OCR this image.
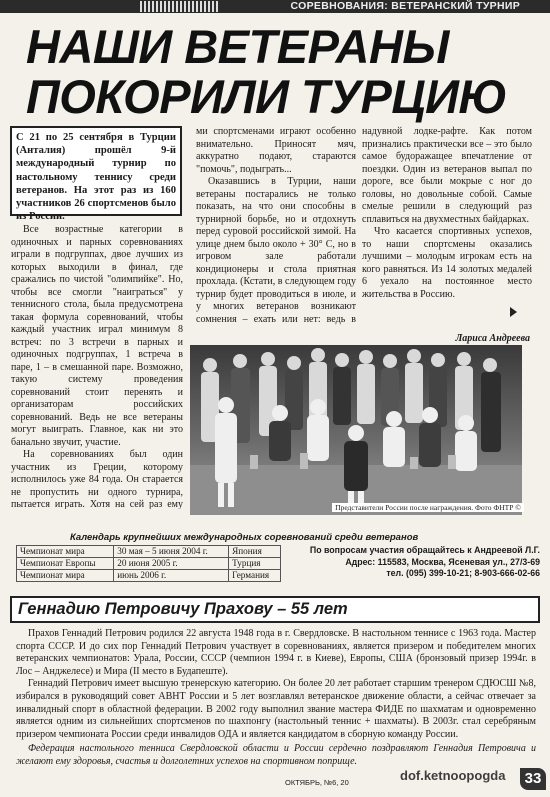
СОРЕВНОВАНИЯ: ВЕТЕРАНСКИЙ ТУРНИР
НАШИ ВЕТЕРАНЫ
ПОКОРИЛИ ТУРЦИЮ
С 21 по 25 сентября в Турции (Анталия) прошёл 9-й международный турнир по настольному теннису среди ветеранов. На этот раз из 160 участников 26 спортсменов было из России.

Все возрастные категории в одиночных и парных соревнованиях играли в подгруппах, двое лучших из которых выходили в финал, где сражались по чистой "олимпийке". Но, чтобы все смогли "наиграться" у теннисного стола, была предусмотрена такая формула соревнований, чтобы каждый участник играл минимум 8 встреч: по 3 встречи в парных и одиночных подгруппах, 1 встреча в паре, 1 – в смешанной паре. Возможно, такую систему проведения соревнований стоит перенять и организаторам российских соревнований. Ведь не все ветераны могут выиграть. Главное, как ни это банально звучит, участие.

На соревнованиях был один участник из Греции, которому исполнилось уже 84 года. Он старается не пропустить ни одного турнира, пытается играть. Хотя на сей раз ему

ми спортсменами играют особенно внимательно. Приносят мяч, аккуратно подают, стараются "помочь", подыграть...

Оказавшись в Турции, наши ветераны постарались не только показать, на что они способны в турнирной борьбе, но и отдохнуть перед суровой российской зимой. На улице днем было около + 30° С, но в игровом зале работали кондиционеры и стола приятная прохлада. (Кстати, в следующем году турнир будет проводиться в июле, и у многих ветеранов возникают сомнения – ехать или нет: ведь в

надувной лодке-рафте. Как потом признались практически все – это было самое будоражащее впечатление от поездки. Один из ветеранов выпал по дороге, все были мокрые с ног до головы, но довольные собой. Самые смелые решили в следующий раз сплавиться на двухместных байдарках.

Что касается спортивных успехов, то наши спортсмены оказались лучшими – молодым игрокам есть на кого равняться. Из 14 золотых медалей 6 уехало на постоянное место жительства в Россию.

Лариса Андреева
Представители России после награждения. Фото ФНТР ©
Календарь крупнейших международных соревнований среди ветеранов
Чемпионат мира	30 мая – 5 июня 2004 г.	Япония
Чемпионат Европы	20 июня 2005 г.	Турция
Чемпионат мира	июнь 2006 г.	Германия
По вопросам участия обращайтесь к Андреевой Л.Г.
Адрес: 115583, Москва, Ясеневая ул., 27/3-69
тел. (095) 399-10-21; 8-903-666-02-66
Геннадию Петровичу Прахову – 55 лет

Прахов Геннадий Петрович родился 22 августа 1948 года в г. Свердловске. В настольном теннисе с 1963 года. Мастер спорта СССР. И до сих пор Геннадий Петрович участвует в соревнованиях, является призером и победителем многих ветеранских чемпионатов: Урала, России, СССР (чемпион 1994 г. в Киеве), Европы, США (бронзовый призер 1994г. в Лос – Анджелесе) и Мира (II место в Будапеште).

Геннадий Петрович имеет высшую тренерскую категорию. Он более 20 лет работает старшим тренером СДЮСШ №8, избирался в руководящий совет АВНТ России и 5 лет возглавлял ветеранское движение области, а сейчас отвечает за инвалидный спорт в областной федерации. В 2002 году выполнил звание мастера ФИДЕ по шахматам и одновременно является одним из сильнейших спортсменов по шахпонгу (настольный теннис + шахматы). В 2003г. стал серебряным призером чемпионата России среди инвалидов ОДА и является кандидатом в сборную команду России.

Федерация настольного тенниса Свердловской области и России сердечно поздравляют Геннадия Петровича и желают ему здоровья, счастья и долголетних успехов на спортивном поприще.

ОКТЯБРЬ, №6, 20	dof.ketnoopogda	33
